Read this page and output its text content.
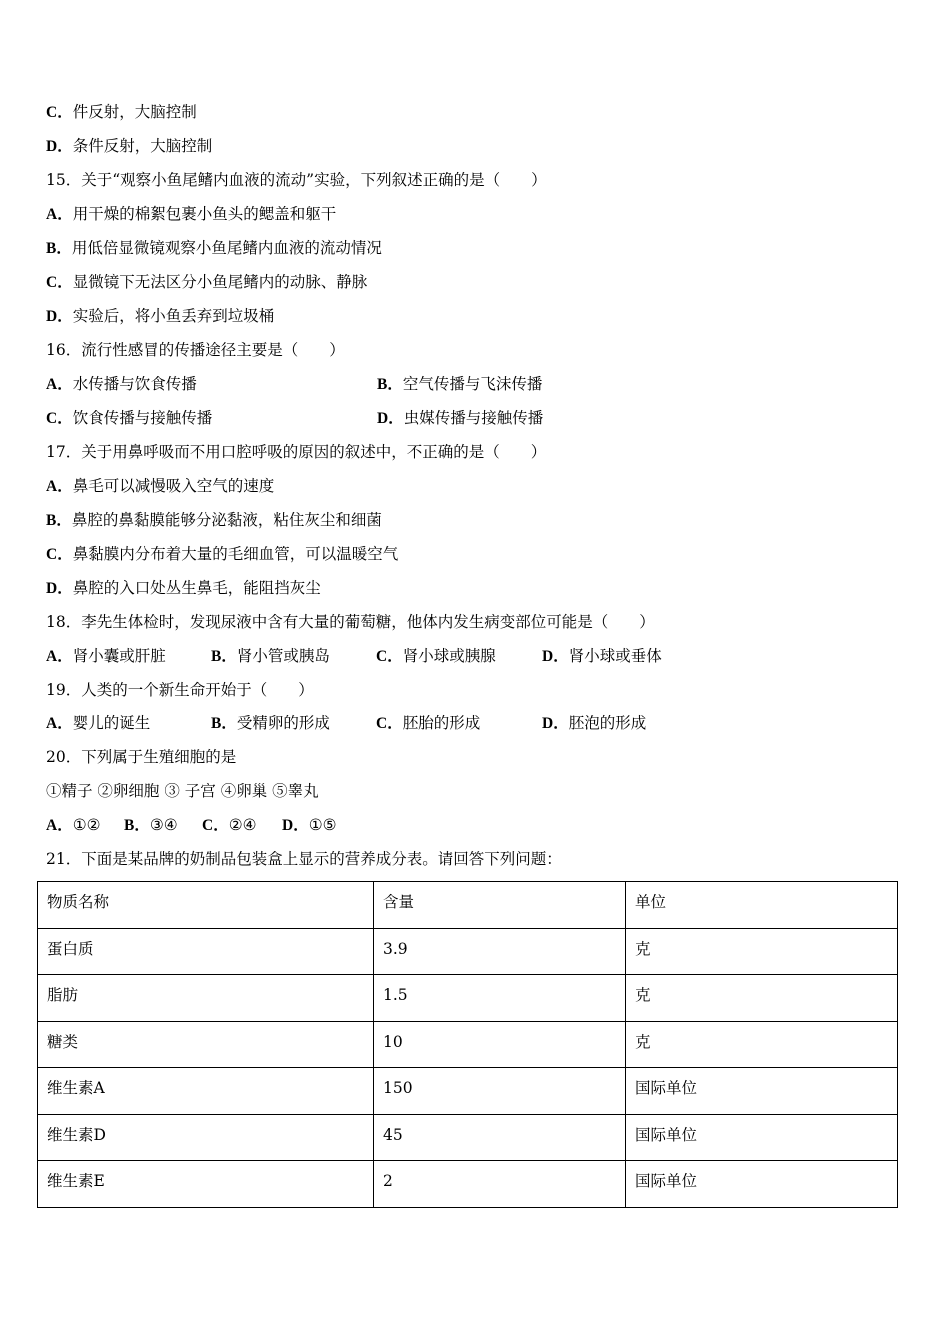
C．件反射，大脑控制
D．条件反射，大脑控制
15．关于“观察小鱼尾鳍内血液的流动”实验，下列叙述正确的是（　　）
A．用干燥的棉絮包裹小鱼头的鳃盖和躯干
B．用低倍显微镜观察小鱼尾鳍内血液的流动情况
C．显微镜下无法区分小鱼尾鳍内的动脉、静脉
D．实验后，将小鱼丢弃到垃圾桶
16．流行性感冒的传播途径主要是（　　）
A．水传播与饮食传播	B．空气传播与飞沫传播
C．饮食传播与接触传播	D．虫媒传播与接触传播
17．关于用鼻呼吸而不用口腔呼吸的原因的叙述中，不正确的是（　　）
A．鼻毛可以减慢吸入空气的速度
B．鼻腔的鼻黏膜能够分泌黏液，粘住灰尘和细菌
C．鼻黏膜内分布着大量的毛细血管，可以温暖空气
D．鼻腔的入口处丛生鼻毛，能阻挡灰尘
18．李先生体检时，发现尿液中含有大量的葡萄糖，他体内发生病变部位可能是（　　）
A．肾小囊或肝脏	B．肾小管或胰岛	C．肾小球或胰腺	D．肾小球或垂体
19．人类的一个新生命开始于（　　）
A．婴儿的诞生	B．受精卵的形成	C．胚胎的形成	D．胚泡的形成
20．下列属于生殖细胞的是
①精子 ②卵细胞 ③ 子宫 ④卵巢 ⑤睾丸
A．①② B．③④ C．②④ D．①⑤
21．下面是某品牌的奶制品包装盒上显示的营养成分表。请回答下列问题：
物质名称	含量	单位
蛋白质	3.9	克
脂肪	1.5	克
糖类	10	克
维生素A	150	国际单位
维生素D	45	国际单位
维生素E	2	国际单位
